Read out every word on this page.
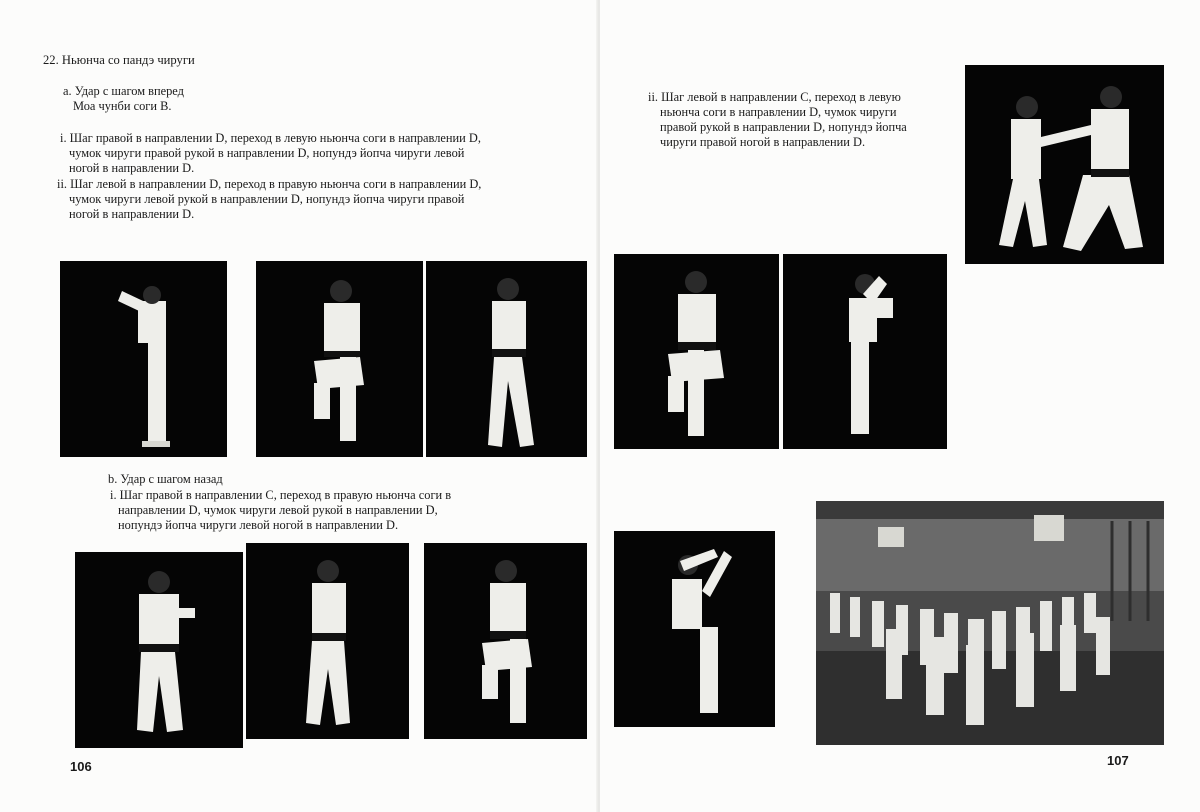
22. Ньюнча со пандэ чируги
a. Удар с шагом вперед
Моа чунби соги В.
i. Шаг правой в направлении D, переход в левую ньюнча соги в направлении D,
чумок чируги правой рукой в направлении D, нопундэ йопча чируги левой
ногой в направлении D.
ii. Шаг левой в направлении D, переход в правую ньюнча соги в направлении D,
чумок чируги левой рукой в направлении D, нопундэ йопча чируги правой
ногой в направлении D.
b. Удар с шагом назад
i. Шаг правой в направлении С, переход в правую ньюнча соги в
направлении D, чумок чируги левой рукой в направлении D,
нопундэ йопча чируги левой ногой в направлении D.
106
ii. Шаг левой в направлении С, переход в левую
ньюнча соги в направлении D, чумок чируги
правой рукой в направлении D, нопундэ йопча
чируги правой ногой в направлении D.
107
